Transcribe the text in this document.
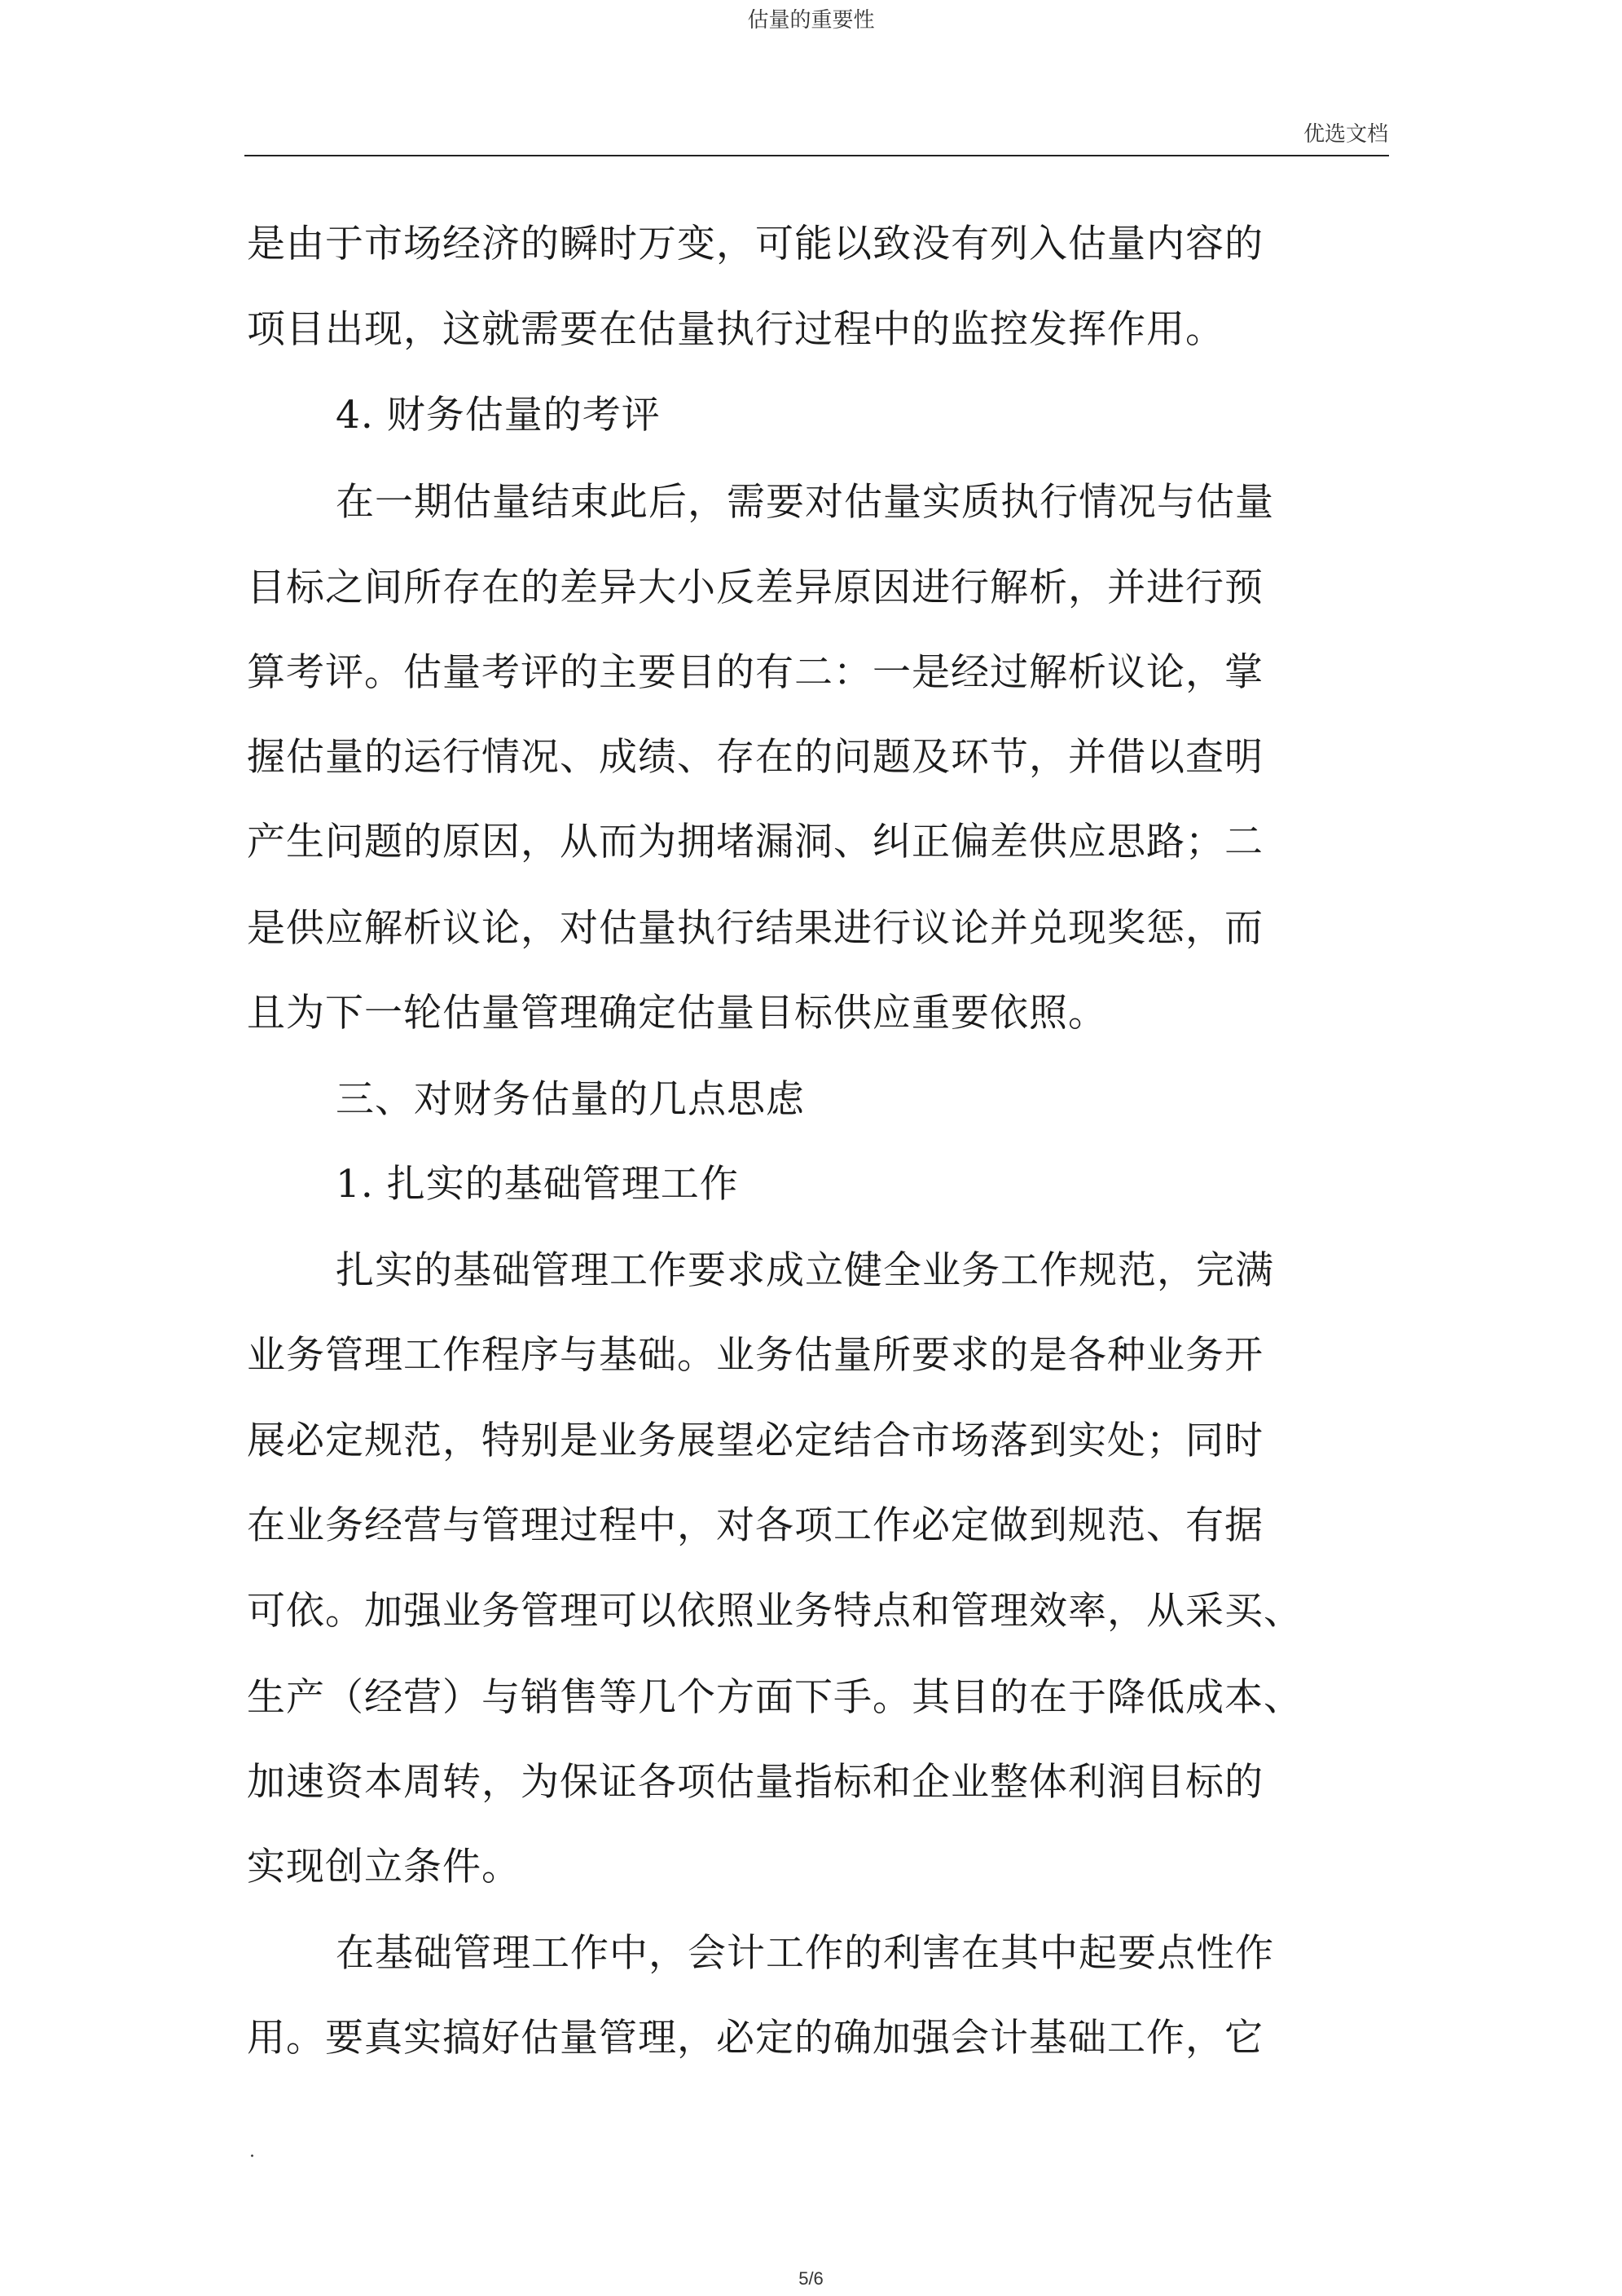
估量的重要性
优选文档
是由于市场经济的瞬时万变，可能以致没有列入估量内容的
项目出现，这就需要在估量执行过程中的监控发挥作用。
4. 财务估量的考评
在一期估量结束此后，需要对估量实质执行情况与估量
目标之间所存在的差异大小反差异原因进行解析，并进行预
算考评。估量考评的主要目的有二：一是经过解析议论，掌
握估量的运行情况、成绩、存在的问题及环节，并借以查明
产生问题的原因，从而为拥堵漏洞、纠正偏差供应思路；二
是供应解析议论，对估量执行结果进行议论并兑现奖惩，而
且为下一轮估量管理确定估量目标供应重要依照。
三、对财务估量的几点思虑
1. 扎实的基础管理工作
扎实的基础管理工作要求成立健全业务工作规范，完满
业务管理工作程序与基础。业务估量所要求的是各种业务开
展必定规范，特别是业务展望必定结合市场落到实处；同时
在业务经营与管理过程中，对各项工作必定做到规范、有据
可依。加强业务管理可以依照业务特点和管理效率，从采买、
生产（经营）与销售等几个方面下手。其目的在于降低成本、
加速资本周转，为保证各项估量指标和企业整体利润目标的
实现创立条件。
在基础管理工作中，会计工作的利害在其中起要点性作
用。要真实搞好估量管理，必定的确加强会计基础工作，它
.
5/6
